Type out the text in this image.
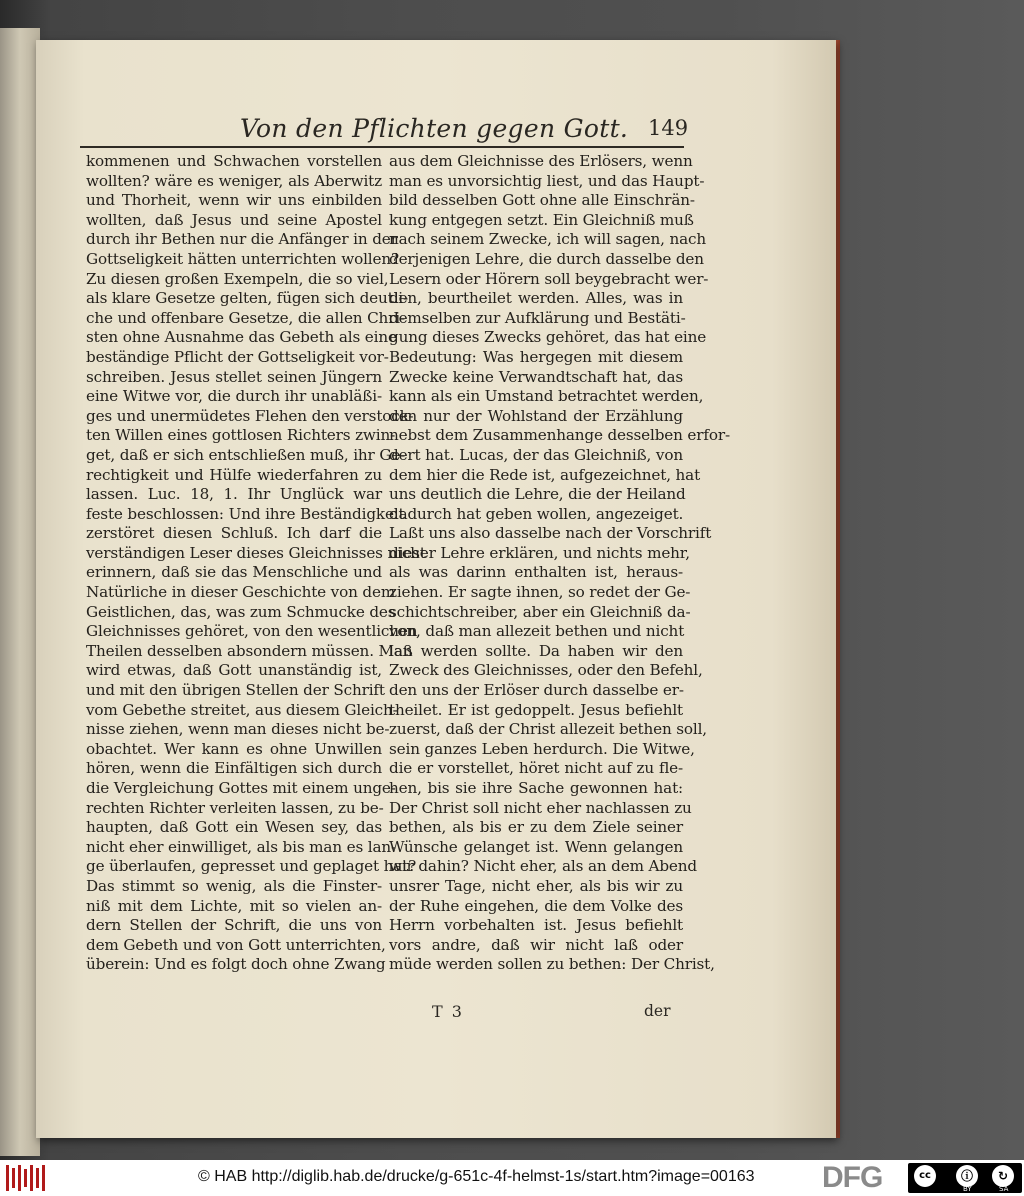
Von den Pflichten gegen Gott. 149
kommenen und Schwachen vorstellen
wollten? wäre es weniger, als Aberwitz
und Thorheit, wenn wir uns einbilden
wollten, daß Jesus und seine Apostel
durch ihr Bethen nur die Anfänger in der
Gottseligkeit hätten unterrichten wollen?
Zu diesen großen Exempeln, die so viel,
als klare Gesetze gelten, fügen sich deutli-
che und offenbare Gesetze, die allen Chri-
sten ohne Ausnahme das Gebeth als eine
beständige Pflicht der Gottseligkeit vor-
schreiben. Jesus stellet seinen Jüngern
eine Witwe vor, die durch ihr unabläßi-
ges und unermüdetes Flehen den verstock-
ten Willen eines gottlosen Richters zwin-
get, daß er sich entschließen muß, ihr Ge-
rechtigkeit und Hülfe wiederfahren zu
lassen. Luc. 18, 1. Ihr Unglück war
feste beschlossen: Und ihre Beständigkeit
zerstöret diesen Schluß. Ich darf die
verständigen Leser dieses Gleichnisses nicht
erinnern, daß sie das Menschliche und
Natürliche in dieser Geschichte von dem
Geistlichen, das, was zum Schmucke des
Gleichnisses gehöret, von den wesentlichen
Theilen desselben absondern müssen. Man
wird etwas, daß Gott unanständig ist,
und mit den übrigen Stellen der Schrift
vom Gebethe streitet, aus diesem Gleich-
nisse ziehen, wenn man dieses nicht be-
obachtet. Wer kann es ohne Unwillen
hören, wenn die Einfältigen sich durch
die Vergleichung Gottes mit einem unge-
rechten Richter verleiten lassen, zu be-
haupten, daß Gott ein Wesen sey, das
nicht eher einwilliget, als bis man es lan-
ge überlaufen, gepresset und geplaget hat?
Das stimmt so wenig, als die Finster-
niß mit dem Lichte, mit so vielen an-
dern Stellen der Schrift, die uns von
dem Gebeth und von Gott unterrichten,
überein: Und es folgt doch ohne Zwang
aus dem Gleichnisse des Erlösers, wenn
man es unvorsichtig liest, und das Haupt-
bild desselben Gott ohne alle Einschrän-
kung entgegen setzt. Ein Gleichniß muß
nach seinem Zwecke, ich will sagen, nach
derjenigen Lehre, die durch dasselbe den
Lesern oder Hörern soll beygebracht wer-
den, beurtheilet werden. Alles, was in
demselben zur Aufklärung und Bestäti-
gung dieses Zwecks gehöret, das hat eine
Bedeutung: Was hergegen mit diesem
Zwecke keine Verwandtschaft hat, das
kann als ein Umstand betrachtet werden,
den nur der Wohlstand der Erzählung
nebst dem Zusammenhange desselben erfor-
dert hat. Lucas, der das Gleichniß, von
dem hier die Rede ist, aufgezeichnet, hat
uns deutlich die Lehre, die der Heiland
dadurch hat geben wollen, angezeiget.
Laßt uns also dasselbe nach der Vorschrift
dieser Lehre erklären, und nichts mehr,
als was darinn enthalten ist, heraus-
ziehen. Er sagte ihnen, so redet der Ge-
schichtschreiber, aber ein Gleichniß da-
von, daß man allezeit bethen und nicht
laß werden sollte. Da haben wir den
Zweck des Gleichnisses, oder den Befehl,
den uns der Erlöser durch dasselbe er-
theilet. Er ist gedoppelt. Jesus befiehlt
zuerst, daß der Christ allezeit bethen soll,
sein ganzes Leben herdurch. Die Witwe,
die er vorstellet, höret nicht auf zu fle-
hen, bis sie ihre Sache gewonnen hat:
Der Christ soll nicht eher nachlassen zu
bethen, als bis er zu dem Ziele seiner
Wünsche gelanget ist. Wenn gelangen
wir dahin? Nicht eher, als an dem Abend
unsrer Tage, nicht eher, als bis wir zu
der Ruhe eingehen, die dem Volke des
Herrn vorbehalten ist. Jesus befiehlt
vors andre, daß wir nicht laß oder
müde werden sollen zu bethen: Der Christ,
T 3	der
© HAB http://diglib.hab.de/drucke/g-651c-4f-helmst-1s/start.htm?image=00163 DFG	cc	ⓘ	↻
BY	SA
